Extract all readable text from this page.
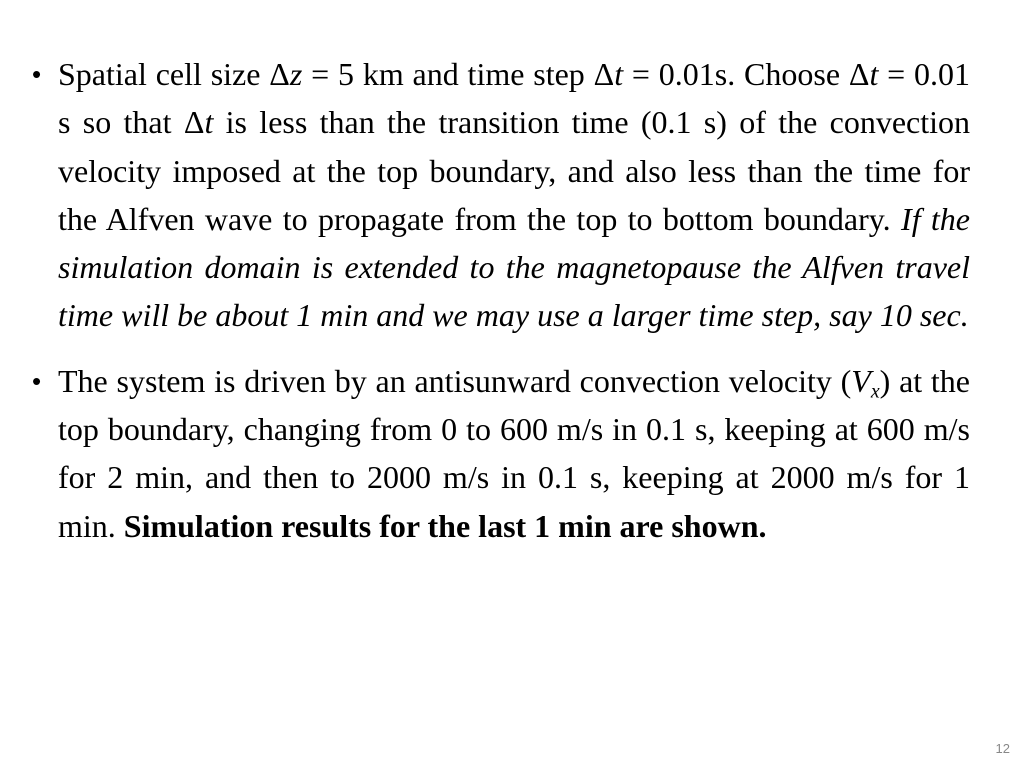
• Spatial cell size Δz = 5 km and time step Δt = 0.01s. Choose Δt = 0.01 s so that Δt is less than the transition time (0.1 s) of the convection velocity imposed at the top boundary, and also less than the time for the Alfven wave to propagate from the top to bottom boundary. If the simulation domain is extended to the magnetopause the Alfven travel time will be about 1 min and we may use a larger time step, say 10 sec.
• The system is driven by an antisunward convection velocity $(V_x)$ at the top boundary, changing from 0 to 600 m/s in 0.1 s, keeping at 600 m/s for 2 min, and then to 2000 m/s in 0.1 s, keeping at 2000 m/s for 1 min. Simulation results for the last 1 min are shown.
12
